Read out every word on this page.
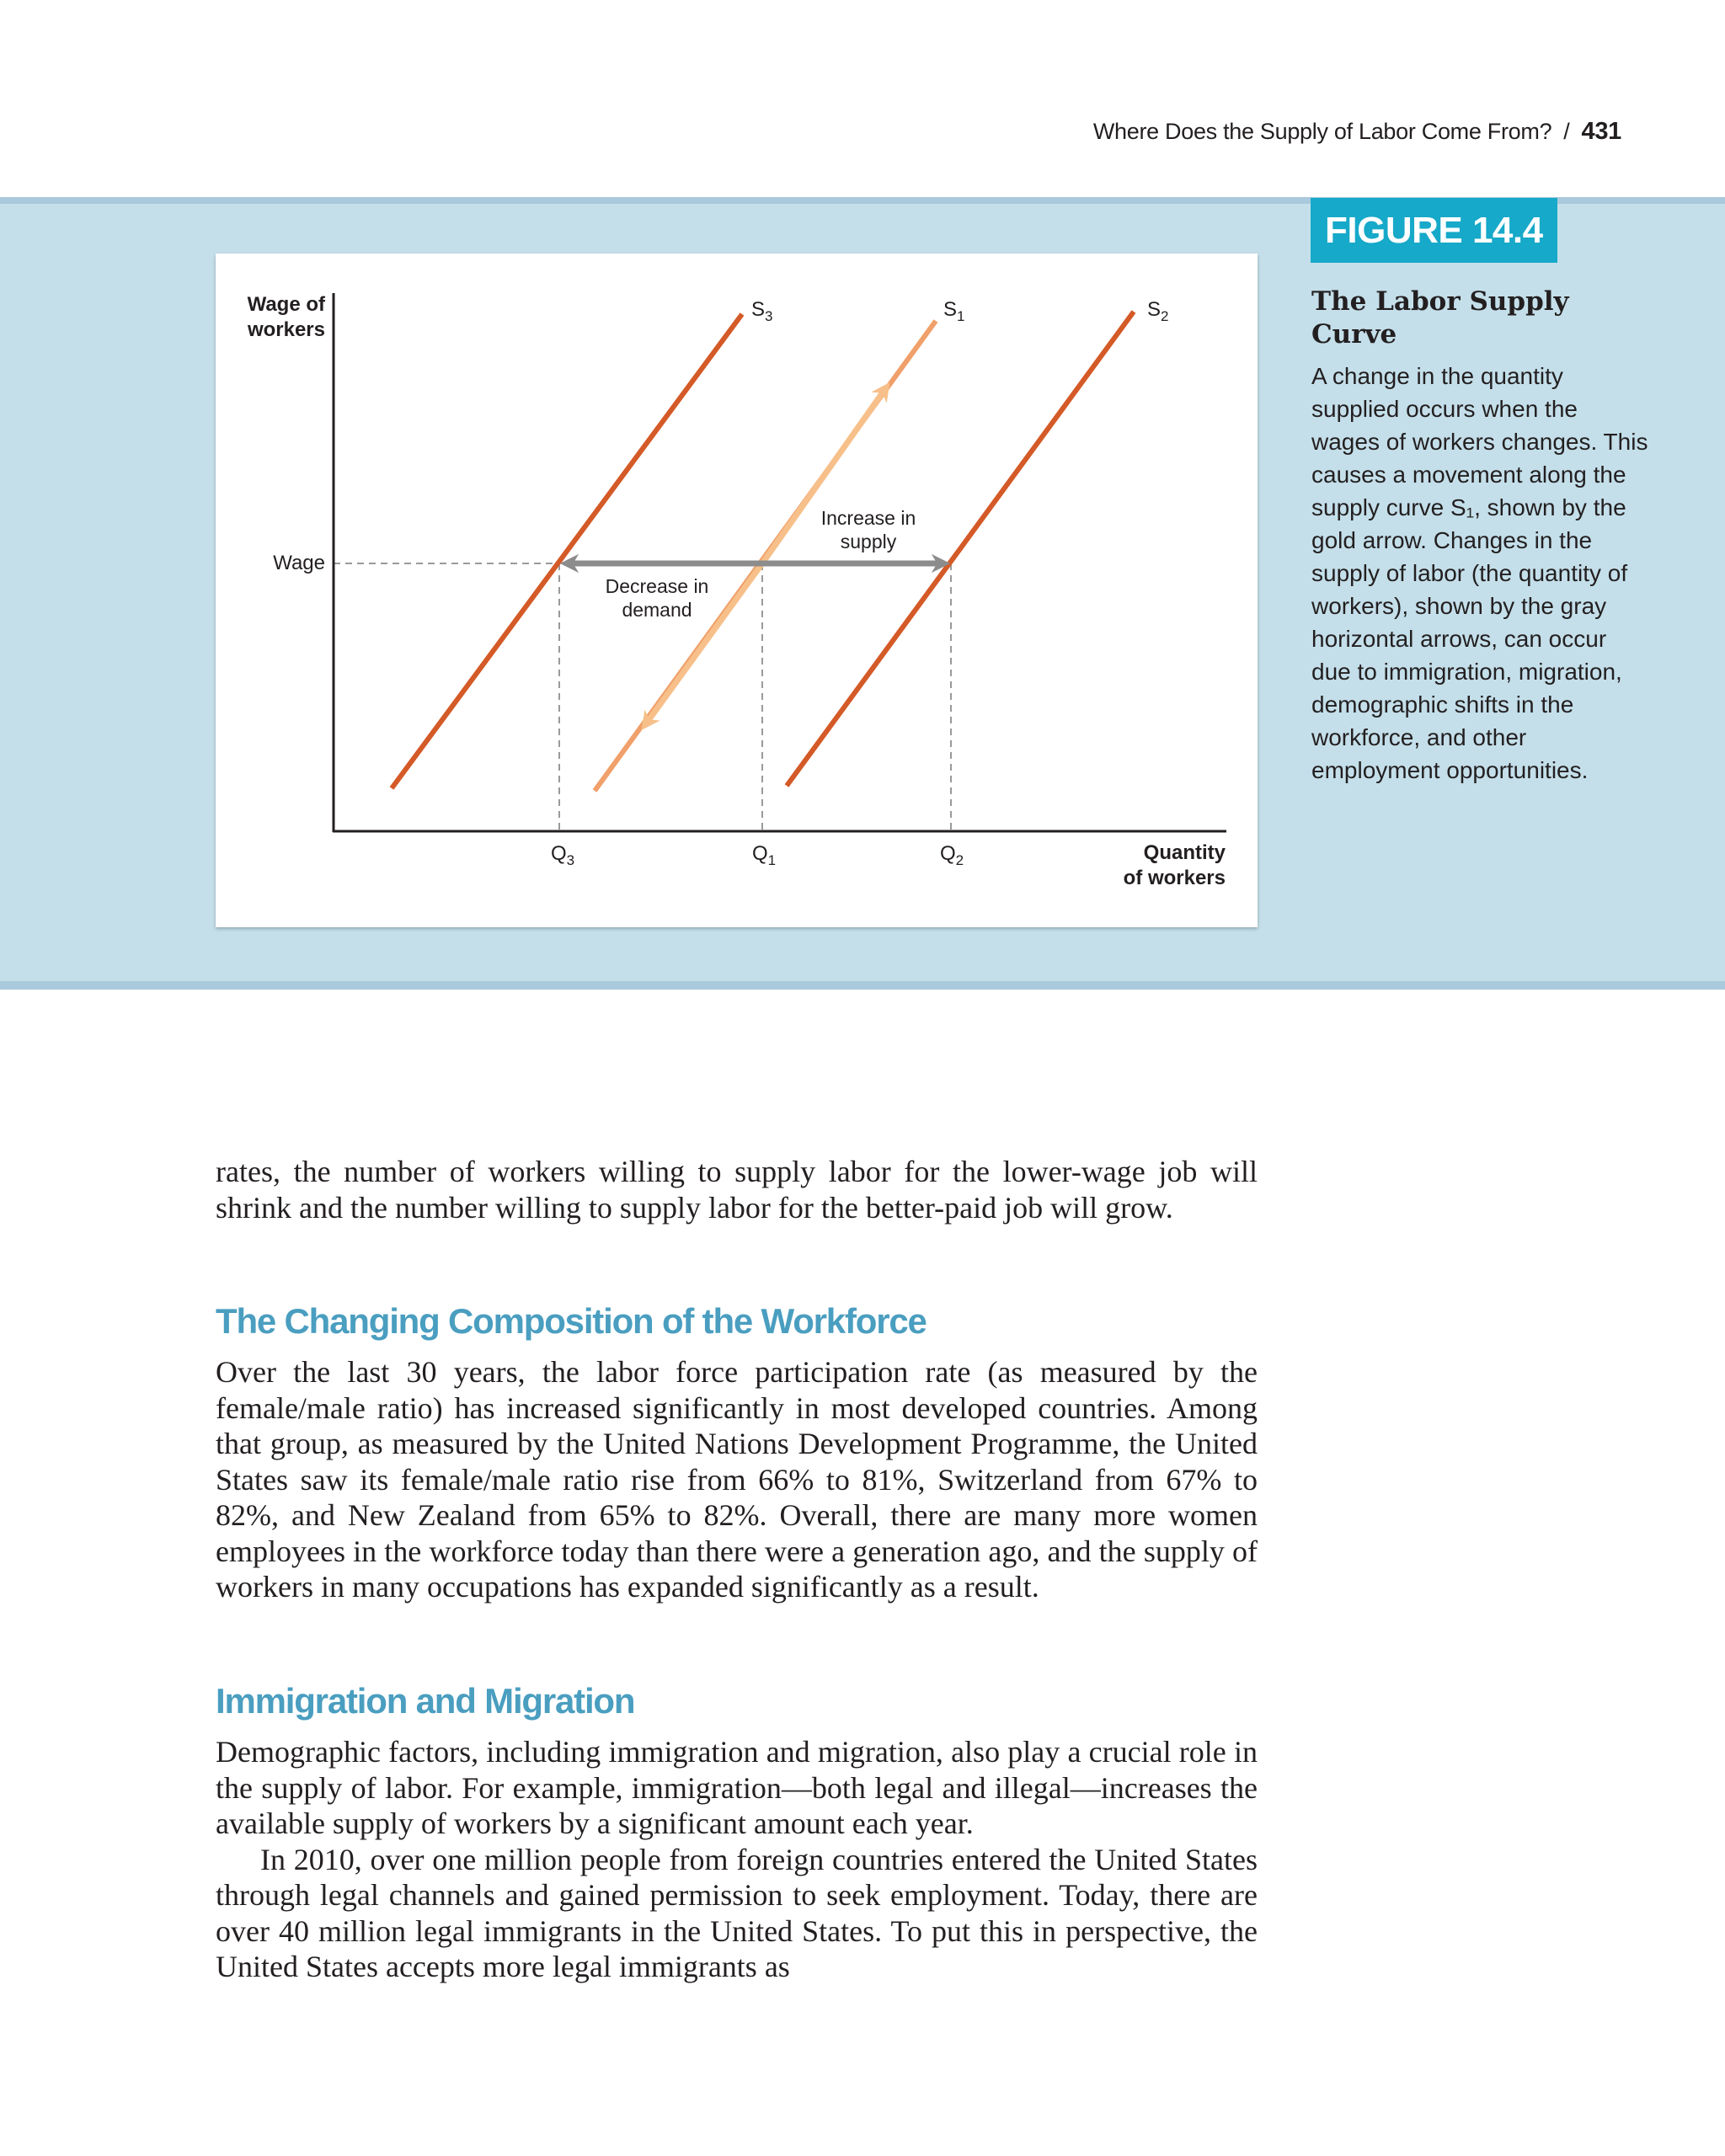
Where Does the Supply of Labor Come From? / 431
Wage of
workers
Quantity
of workers
Wage
$S_3$	$S_1$	$S_2$
$Q_3$	$Q_1$	$Q_2$
Increase in
supply
Decrease in
demand
FIGURE 14.4
The Labor Supply Curve
A change in the quantity supplied occurs when the wages of workers changes. This causes a movement along the supply curve S₁, shown by the gold arrow. Changes in the supply of labor (the quantity of workers), shown by the gray horizontal arrows, can occur due to immigration, migration, demographic shifts in the workforce, and other employment opportunities.

rates, the number of workers willing to supply labor for the lower-wage job will shrink and the number willing to supply labor for the better-paid job will grow.

The Changing Composition of the Workforce

Over the last 30 years, the labor force participation rate (as measured by the female/male ratio) has increased significantly in most developed countries. Among that group, as measured by the United Nations Development Programme, the United States saw its female/male ratio rise from 66% to 81%, Switzerland from 67% to 82%, and New Zealand from 65% to 82%. Overall, there are many more women employees in the workforce today than there were a generation ago, and the supply of workers in many occupations has expanded significantly as a result.

Immigration and Migration

Demographic factors, including immigration and migration, also play a crucial role in the supply of labor. For example, immigration—both legal and illegal—increases the available supply of workers by a significant amount each year.

In 2010, over one million people from foreign countries entered the United States through legal channels and gained permission to seek employment. Today, there are over 40 million legal immigrants in the United States. To put this in perspective, the United States accepts more legal immigrants as
